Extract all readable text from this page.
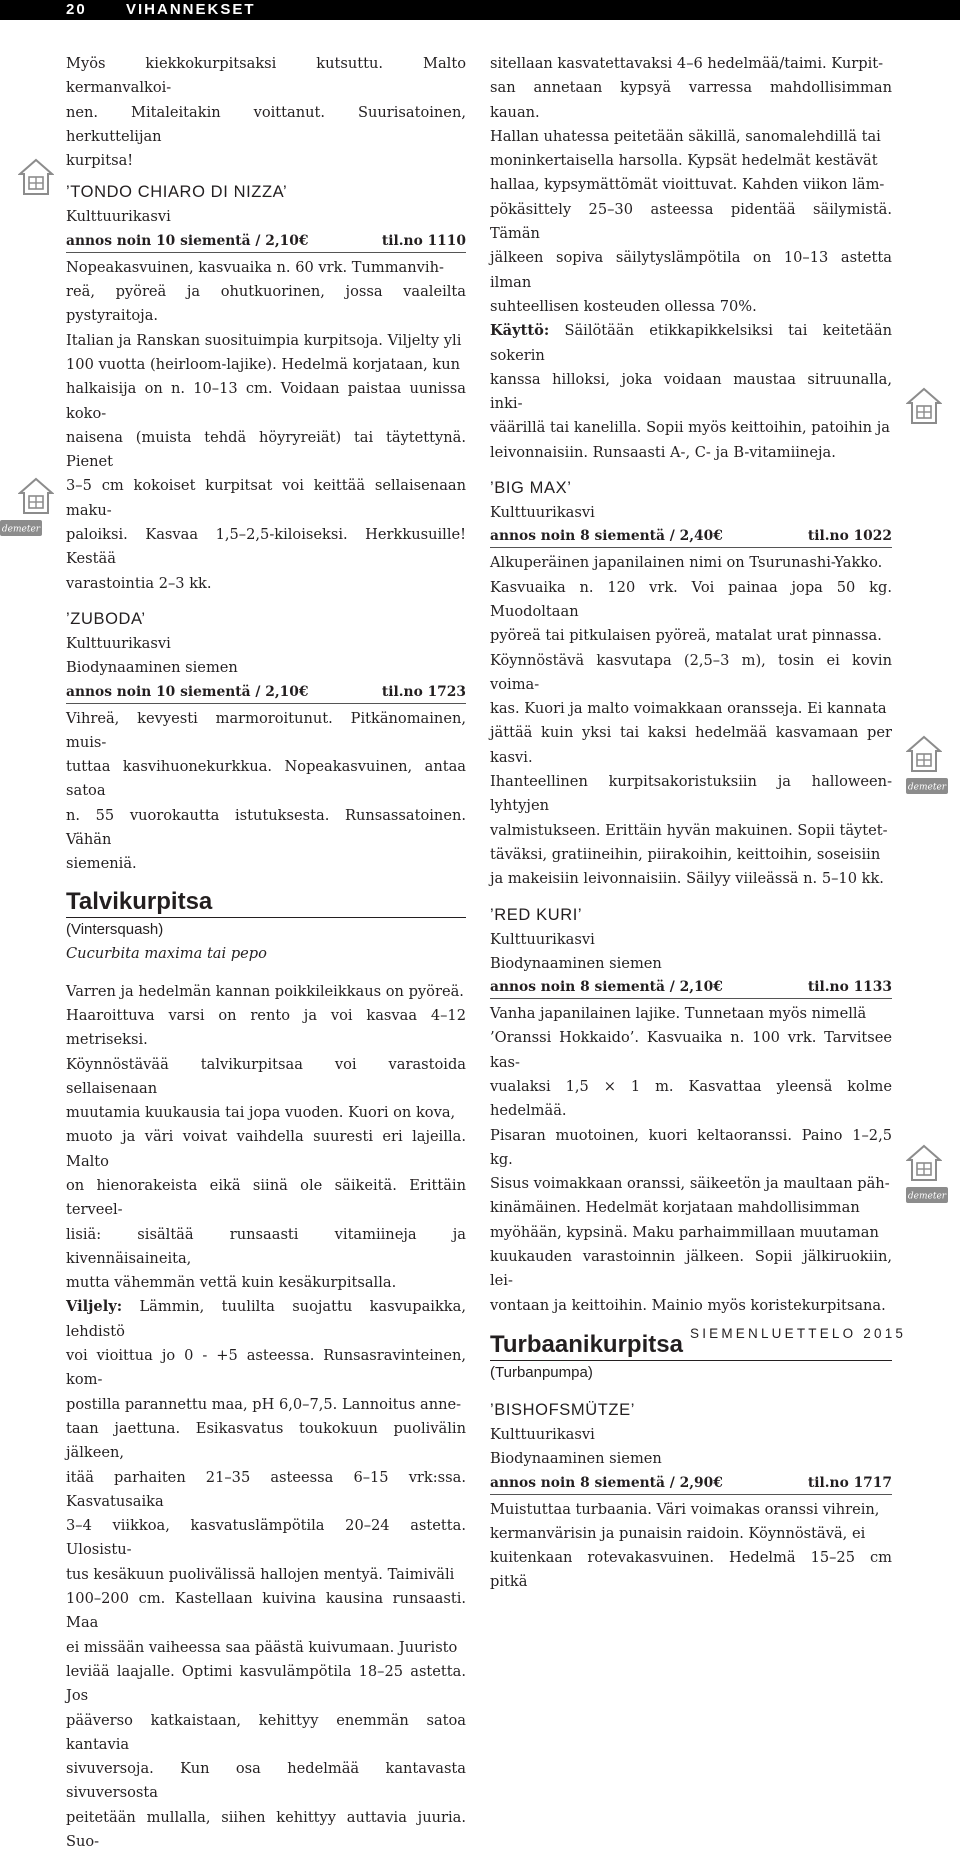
20	VIHANNEKSET

Myös kiekkokurpitsaksi kutsuttu. Malto kermanvalkoi-
nen. Mitaleitakin voittanut. Suurisatoinen, herkuttelijan
kurpitsa!

’TONDO CHIARO DI NIZZA’
Kulttuurikasvi
annos noin 10 siementä / 2,10€	til.no 1110

Nopeakasvuinen, kasvuaika n. 60 vrk. Tummanvih-
reä, pyöreä ja ohutkuorinen, jossa vaaleilta pystyraitoja.
Italian ja Ranskan suosituimpia kurpitsoja. Viljelty yli
100 vuotta (heirloom-lajike). Hedelmä korjataan, kun
halkaisija on n. 10–13 cm. Voidaan paistaa uunissa koko-
naisena (muista tehdä höyryreiät) tai täytettynä. Pienet
3–5 cm kokoiset kurpitsat voi keittää sellaisenaan maku-
paloiksi. Kasvaa 1,5–2,5-kiloiseksi. Herkkusuille! Kestää
varastointia 2–3 kk.

’ZUBODA’
Kulttuurikasvi
Biodynaaminen siemen
annos noin 10 siementä / 2,10€	til.no 1723

Vihreä, kevyesti marmoroitunut. Pitkänomainen, muis-
tuttaa kasvihuonekurkkua. Nopeakasvuinen, antaa satoa
n. 55 vuorokautta istutuksesta. Runsassatoinen. Vähän
siemeniä.

Talvikurpitsa
(Vintersquash)
Cucurbita maxima tai pepo

Varren ja hedelmän kannan poikkileikkaus on pyöreä.
Haaroittuva varsi on rento ja voi kasvaa 4–12 metriseksi.
Köynnöstävää talvikurpitsaa voi varastoida sellaisenaan
muutamia kuukausia tai jopa vuoden. Kuori on kova,
muoto ja väri voivat vaihdella suuresti eri lajeilla. Malto
on hienorakeista eikä siinä ole säikeitä. Erittäin terveel-
lisiä: sisältää runsaasti vitamiineja ja kivennäisaineita,
mutta vähemmän vettä kuin kesäkurpitsalla.

Viljely: Lämmin, tuulilta suojattu kasvupaikka, lehdistö
voi vioittua jo 0 - +5 asteessa. Runsasravinteinen, kom-
postilla parannettu maa, pH 6,0–7,5. Lannoitus anne-
taan jaettuna. Esikasvatus toukokuun puolivälin jälkeen,
itää parhaiten 21–35 asteessa 6–15 vrk:ssa. Kasvatusaika
3–4 viikkoa, kasvatuslämpötila 20–24 astetta. Ulosistu-
tus kesäkuun puolivälissä hallojen mentyä. Taimiväli
100–200 cm. Kastellaan kuivina kausina runsaasti. Maa
ei missään vaiheessa saa päästä kuivumaan. Juuristo
leviää laajalle. Optimi kasvulämpötila 18–25 astetta. Jos
pääverso katkaistaan, kehittyy enemmän satoa kantavia
sivuversoja. Kun osa hedelmää kantavasta sivuversosta
peitetään mullalla, siihen kehittyy auttavia juuria. Suo-

sitellaan kasvatettavaksi 4–6 hedelmää/taimi. Kurpit-
san annetaan kypsyä varressa mahdollisimman kauan.
Hallan uhatessa peitetään säkillä, sanomalehdillä tai
moninkertaisella harsolla. Kypsät hedelmät kestävät
hallaa, kypsymättömät vioittuvat. Kahden viikon läm-
pökäsittely 25–30 asteessa pidentää säilymistä. Tämän
jälkeen sopiva säilytyslämpötila on 10–13 astetta ilman
suhteellisen kosteuden ollessa 70%.

Käyttö: Säilötään etikkapikkelsiksi tai keitetään sokerin
kanssa hilloksi, joka voidaan maustaa sitruunalla, inki-
väärillä tai kanelilla. Sopii myös keittoihin, patoihin ja
leivonnaisiin. Runsaasti A-, C- ja B-vitamiineja.

’BIG MAX’
Kulttuurikasvi
annos noin 8 siementä / 2,40€	til.no 1022

Alkuperäinen japanilainen nimi on Tsurunashi-Yakko.
Kasvuaika n. 120 vrk. Voi painaa jopa 50 kg. Muodoltaan
pyöreä tai pitkulaisen pyöreä, matalat urat pinnassa.
Köynnöstävä kasvutapa (2,5–3 m), tosin ei kovin voima-
kas. Kuori ja malto voimakkaan oransseja. Ei kannata
jättää kuin yksi tai kaksi hedelmää kasvamaan per kasvi.
Ihanteellinen kurpitsakoristuksiin ja halloween-lyhtyjen
valmistukseen. Erittäin hyvän makuinen. Sopii täytet-
täväksi, gratiineihin, piirakoihin, keittoihin, soseisiin
ja makeisiin leivonnaisiin. Säilyy viileässä n. 5–10 kk.

’RED KURI’
Kulttuurikasvi
Biodynaaminen siemen
annos noin 8 siementä / 2,10€	til.no 1133

Vanha japanilainen lajike. Tunnetaan myös nimellä
’Oranssi Hokkaido’. Kasvuaika n. 100 vrk. Tarvitsee kas-
vualaksi 1,5 × 1 m. Kasvattaa yleensä kolme hedelmää.
Pisaran muotoinen, kuori keltaoranssi. Paino 1–2,5 kg.
Sisus voimakkaan oranssi, säikeetön ja maultaan päh-
kinämäinen. Hedelmät korjataan mahdollisimman
myöhään, kypsinä. Maku parhaimmillaan muutaman
kuukauden varastoinnin jälkeen. Sopii jälkiruokiin, lei-
vontaan ja keittoihin. Mainio myös koristekurpitsana.

Turbaanikurpitsa
(Turbanpumpa)
’BISHOFSMÜTZE’
Kulttuurikasvi
Biodynaaminen siemen
annos noin 8 siementä / 2,90€	til.no 1717

Muistuttaa turbaania. Väri voimakas oranssi vihrein,
kermanvärisin ja punaisin raidoin. Köynnöstävä, ei
kuitenkaan rotevakasvuinen. Hedelmä 15–25 cm pitkä

demeter
demeter
demeter
SIEMENLUETTELO 2015
